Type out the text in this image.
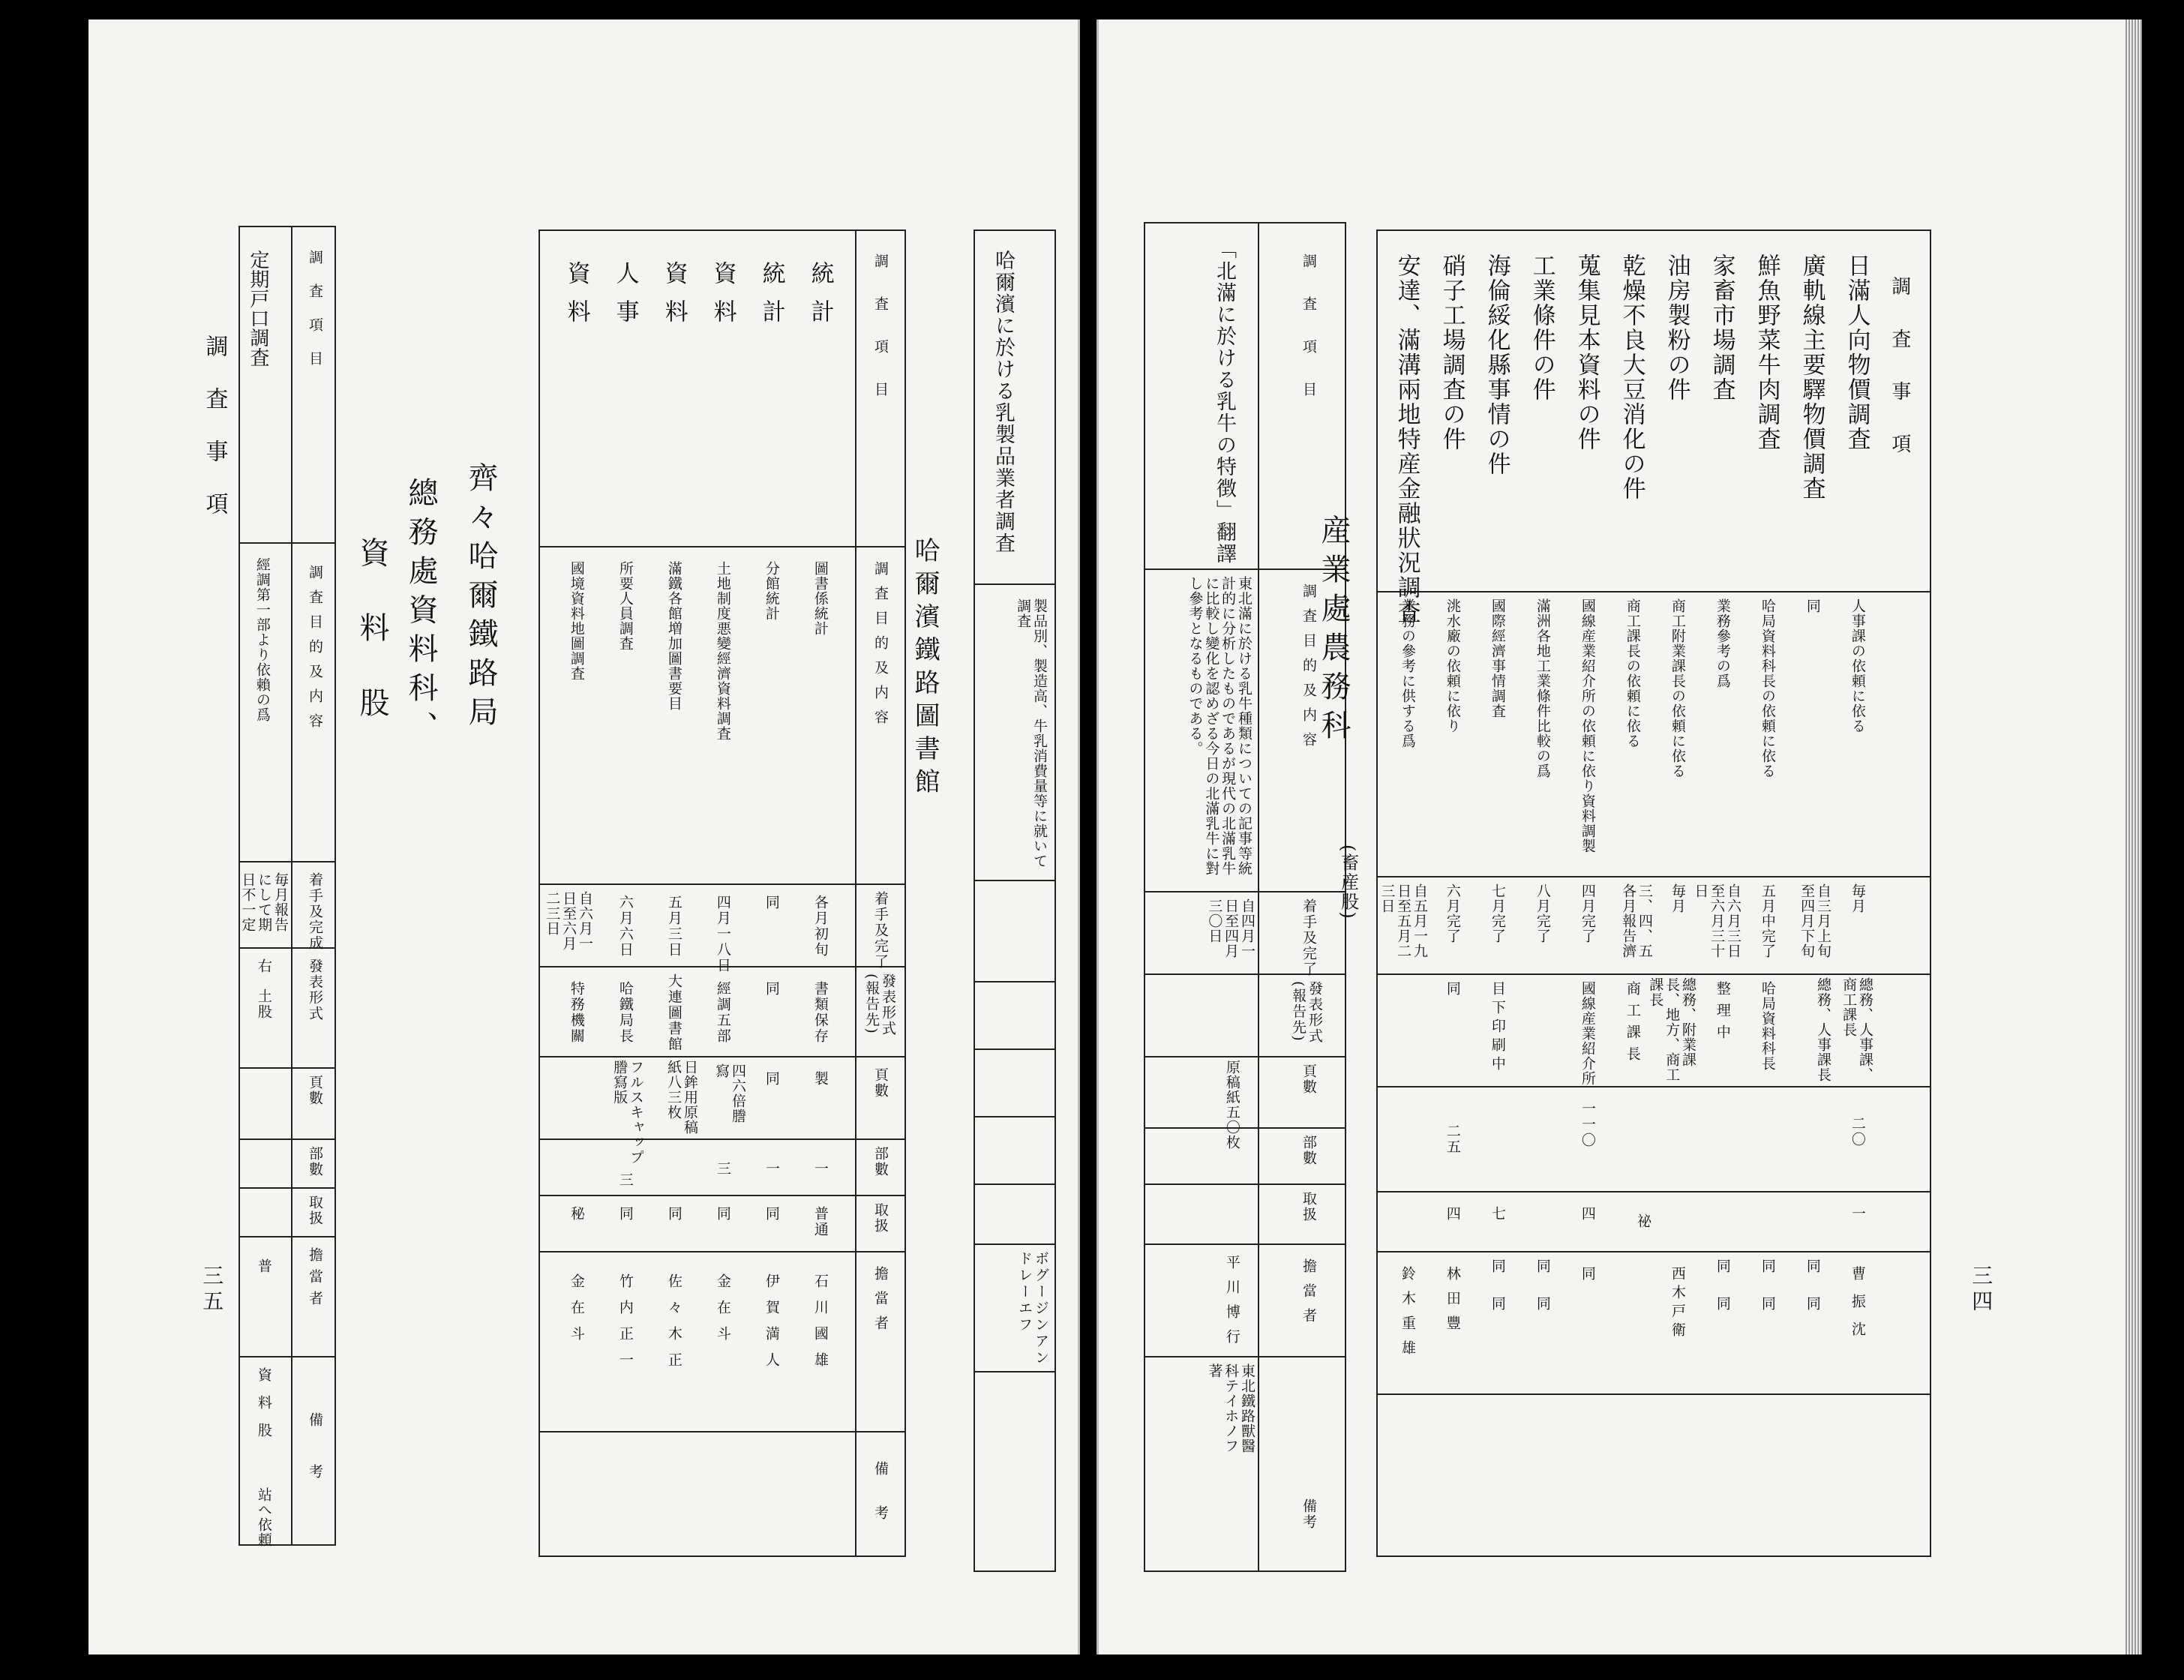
調査事項
三五
調査項目
調査目的及内容
着手及完成
發表形式
頁數
部數
取扱
擔當者
備考
定期戸口調査
經調第一部より依賴の爲
毎月報告にして期日不一定
右
土股
普
資料股
站へ依頼
齊々哈爾鐵路局
總務處資料科、
資料股
調査項目
調査目的及内容
着手及完了
發表形式(報告先)
頁數
部數
取扱
擔當者
備考
統計
圖書係統計
各月初旬
書類保存
製
一
普通
石川國雄
統計
分館統計
同
同
同
一
同
伊賀満人
資料
土地制度悪變經濟資料調査
四月一八日
經調五部
四六倍謄寫
三
同
金在斗
資料
滿鐵各館増加圖書要目
五月三日
大連圖書館
日鉾用原稿紙八三枚
同
佐々木正
人事
所要人員調査
六月六日
哈鐵局長
フルスキャップ謄寫版
三
同
竹内正一
資料
國境資料地圖調査
自六月一日至六月二三日
特務機關
秘
金在斗
哈爾濱鐵路圖書館
哈爾濱に於ける乳製品業者調査
製品別、製造高、牛乳消費量等に就いて調査
ボグージンアンドレーエフ
調査項目
調査目的及内容
着手及完了
發表形式(報告先)
頁數
部數
取扱
擔當者
備考
「北滿に於ける乳牛の特徴」翻譯
東北滿に於ける乳牛種類についての記事等統計的に分析したものであるが現代の北滿乳牛に比較し變化を認めざる今日の北滿乳牛に對し參考となるものである。
自四月一日至四月三〇日
原稿紙五〇枚
平川博行
東北鐵路獸醫科テイホノフ著
産業處農務科
(畜産股)
調査事項
日滿人向物價調査
人事課の依頼に依る
毎月
總務、人事課、商工課長
二〇
一
曹振沈
廣軌線主要驛物價調査
同
自三月上旬至四月下旬
總務、人事課長
同
同
鮮魚野菜牛肉調査
哈局資料科長の依頼に依る
五月中完了
哈局資料科長
同
同
家畜市場調査
業務參考の爲
自六月三日至六月三十日
整理中
同
同
油房製粉の件
商工附業課長の依頼に依る
毎月
總務、附業課長、地方、商工課長
西木戸衛
乾燥不良大豆消化の件
商工課長の依頼に依る
三、四、五各月報告濟
商工課長
祕
蒐集見本資料の件
國線産業紹介所の依頼に依り資料調製
四月完了
國線産業紹介所
一一〇
四
同
工業條件の件
滿洲各地工業條件比較の爲
八月完了
同
同
海倫綏化縣事情の件
國際經濟事情調査
七月完了
目下印刷中
七
同
同
硝子工場調査の件
洮水廠の依頼に依り
六月完了
同
二五
四
林田豐
安達、滿溝兩地特産金融狀況調査
業務の參考に供する爲
自五月一九日至五月二三日
鈴木重雄	三四
